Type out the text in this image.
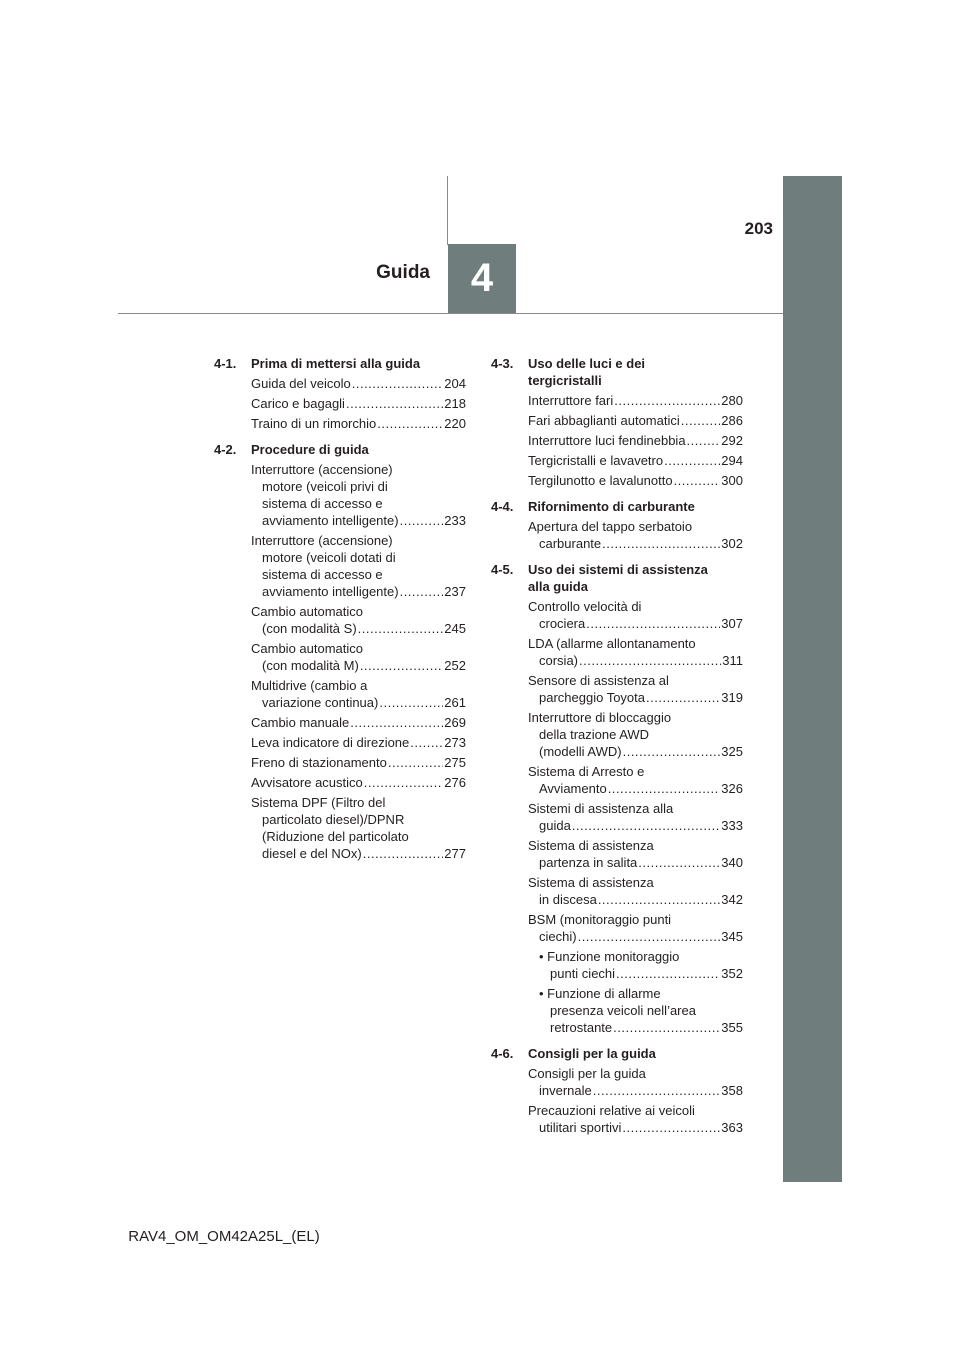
4
Guida
203
4-1.	Prima di mettersi alla guida
Guida del veicolo .....	204
Carico e bagagli .....	218
Traino di un rimorchio .....	220
4-2.	Procedure di guida
Interruttore (accensione)
motore (veicoli privi di
sistema di accesso e
avviamento intelligente) .....	233
Interruttore (accensione)
motore (veicoli dotati di
sistema di accesso e
avviamento intelligente) .....	237
Cambio automatico
(con modalità S) .....	245
Cambio automatico
(con modalità M) .....	252
Multidrive (cambio a
variazione continua) .....	261
Cambio manuale .....	269
Leva indicatore di direzione .....	273
Freno di stazionamento .....	275
Avvisatore acustico .....	276
Sistema DPF (Filtro del
particolato diesel)/DPNR
(Riduzione del particolato
diesel e del NOx) .....	277
4-3.	Uso delle luci e dei
tergicristalli
Interruttore fari .....	280
Fari abbaglianti automatici .....	286
Interruttore luci fendinebbia .....	292
Tergicristalli e lavavetro .....	294
Tergilunotto e lavalunotto .....	300
4-4.	Rifornimento di carburante
Apertura del tappo serbatoio
carburante .....	302
4-5.	Uso dei sistemi di assistenza
alla guida
Controllo velocità di
crociera .....	307
LDA (allarme allontanamento
corsia) .....	311
Sensore di assistenza al
parcheggio Toyota .....	319
Interruttore di bloccaggio
della trazione AWD
(modelli AWD) .....	325
Sistema di Arresto e
Avviamento .....	326
Sistemi di assistenza alla
guida .....	333
Sistema di assistenza
partenza in salita .....	340
Sistema di assistenza
in discesa .....	342
BSM (monitoraggio punti
ciechi) .....	345
• Funzione monitoraggio
punti ciechi .....	352
• Funzione di allarme
presenza veicoli nell’area
retrostante .....	355
4-6.	Consigli per la guida
Consigli per la guida
invernale .....	358
Precauzioni relative ai veicoli
utilitari sportivi .....	363
RAV4_OM_OM42A25L_(EL)
